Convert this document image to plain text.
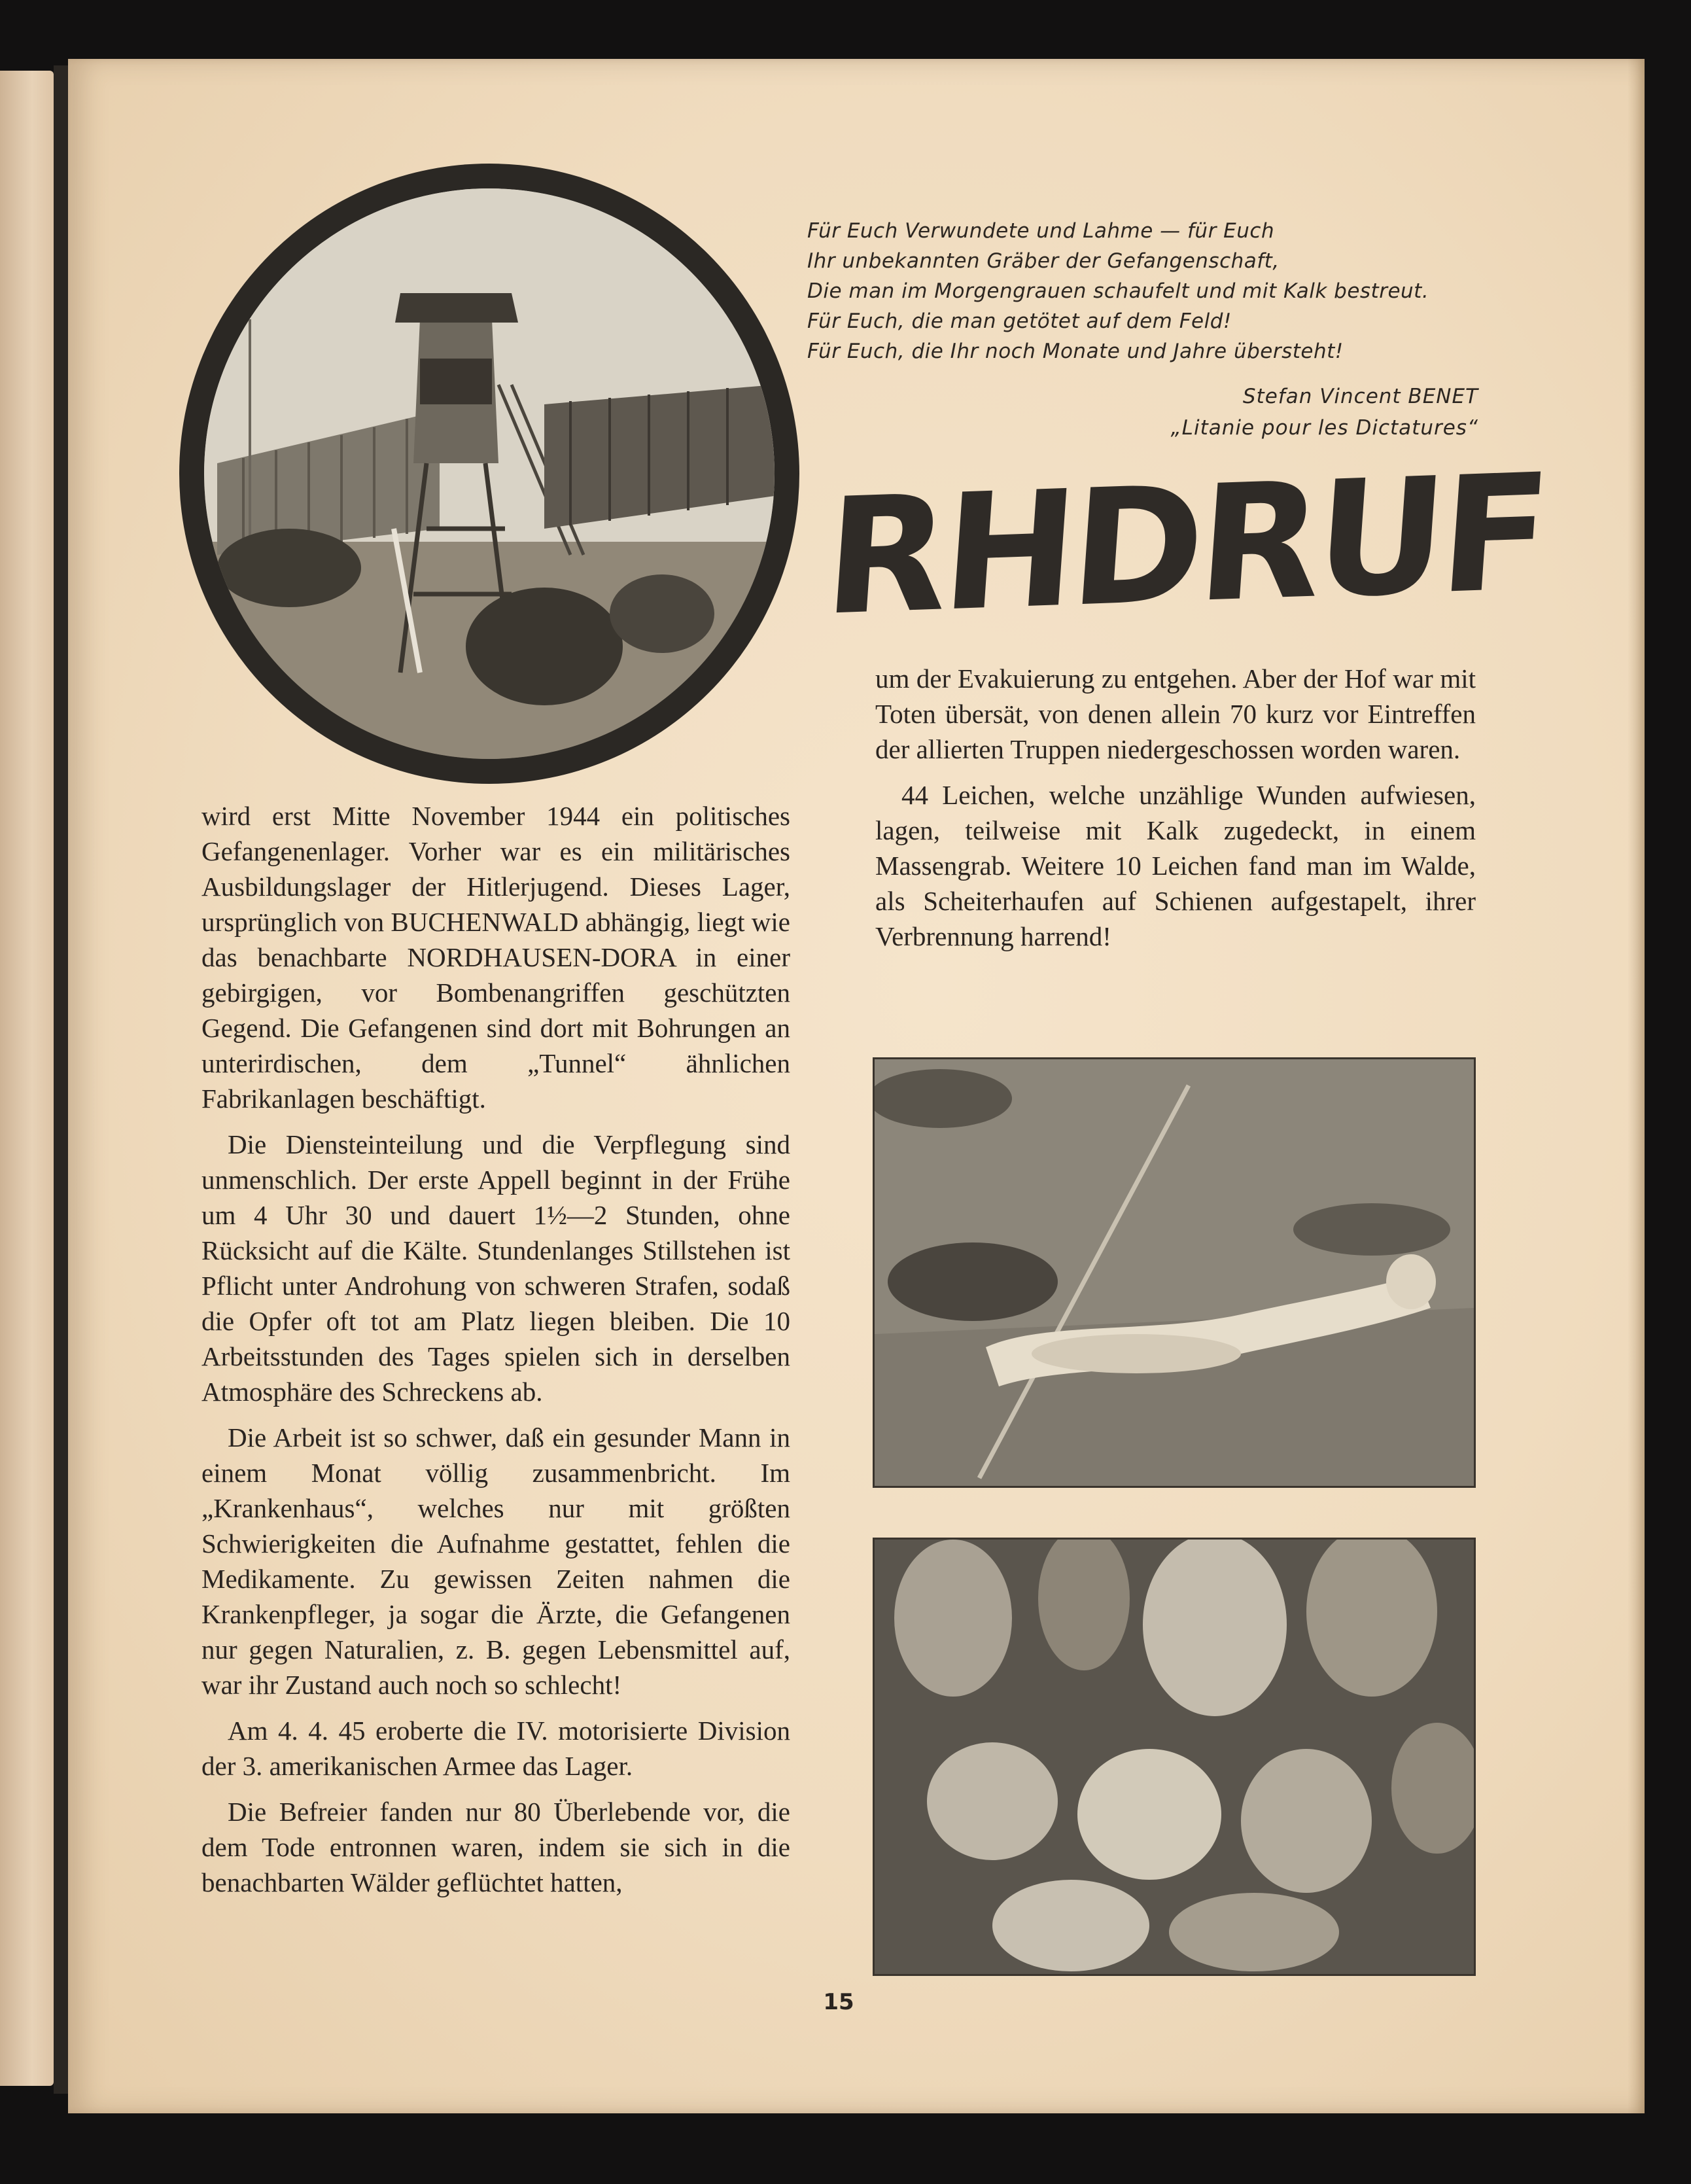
Für Euch Verwundete und Lahme — für Euch
Ihr unbekannten Gräber der Gefangenschaft,
Die man im Morgengrauen schaufelt und mit Kalk bestreut.
Für Euch, die man getötet auf dem Feld!
Für Euch, die Ihr noch Monate und Jahre übersteht!
Stefan Vincent BENET
„Litanie pour les Dictatures“
RHDRUF

wird erst Mitte November 1944 ein politisches Gefangenenlager. Vorher war es ein militärisches Ausbildungslager der Hitlerjugend. Dieses Lager, ursprünglich von BUCHENWALD abhängig, liegt wie das benachbarte NORDHAUSEN-DORA in einer gebirgigen, vor Bombenangriffen geschützten Gegend. Die Gefangenen sind dort mit Bohrungen an unterirdischen, dem „Tunnel“ ähnlichen Fabrikanlagen beschäftigt.

Die Diensteinteilung und die Verpflegung sind unmenschlich. Der erste Appell beginnt in der Frühe um 4 Uhr 30 und dauert 1½—2 Stunden, ohne Rücksicht auf die Kälte. Stundenlanges Stillstehen ist Pflicht unter Androhung von schweren Strafen, sodaß die Opfer oft tot am Platz liegen bleiben. Die 10 Arbeitsstunden des Tages spielen sich in derselben Atmosphäre des Schreckens ab.

Die Arbeit ist so schwer, daß ein gesunder Mann in einem Monat völlig zusammenbricht. Im „Krankenhaus“, welches nur mit größten Schwierigkeiten die Aufnahme gestattet, fehlen die Medikamente. Zu gewissen Zeiten nahmen die Krankenpfleger, ja sogar die Ärzte, die Gefangenen nur gegen Naturalien, z. B. gegen Lebensmittel auf, war ihr Zustand auch noch so schlecht!

Am 4. 4. 45 eroberte die IV. motorisierte Division der 3. amerikanischen Armee das Lager.

Die Befreier fanden nur 80 Überlebende vor, die dem Tode entronnen waren, indem sie sich in die benachbarten Wälder geflüchtet hatten,

um der Evakuierung zu entgehen. Aber der Hof war mit Toten übersät, von denen allein 70 kurz vor Eintreffen der allierten Truppen niedergeschossen worden waren.

44 Leichen, welche unzählige Wunden aufwiesen, lagen, teilweise mit Kalk zugedeckt, in einem Massengrab. Weitere 10 Leichen fand man im Walde, als Scheiterhaufen auf Schienen aufgestapelt, ihrer Verbrennung harrend!

15
